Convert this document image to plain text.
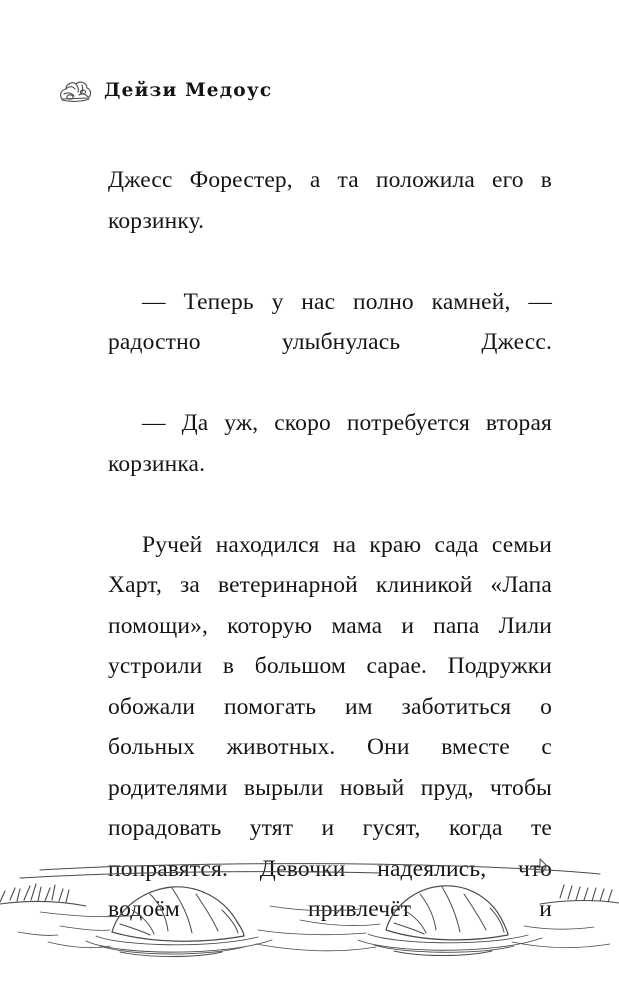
Дейзи Медоус

Джесс Форестер, а та положила его в корзинку.

— Теперь у нас полно камней, — радостно улыбнулась Джесс.

— Да уж, скоро потребуется вторая корзинка.

Ручей находился на краю сада семьи Харт, за ветеринарной клиникой «Лапа помощи», которую мама и папа Лили устроили в большом сарае. Подружки обожали помогать им заботиться о больных животных. Они вместе с родителями вырыли новый пруд, чтобы порадовать утят и гусят, когда те поправятся. Девочки надеялись, что водоём привлечёт и
